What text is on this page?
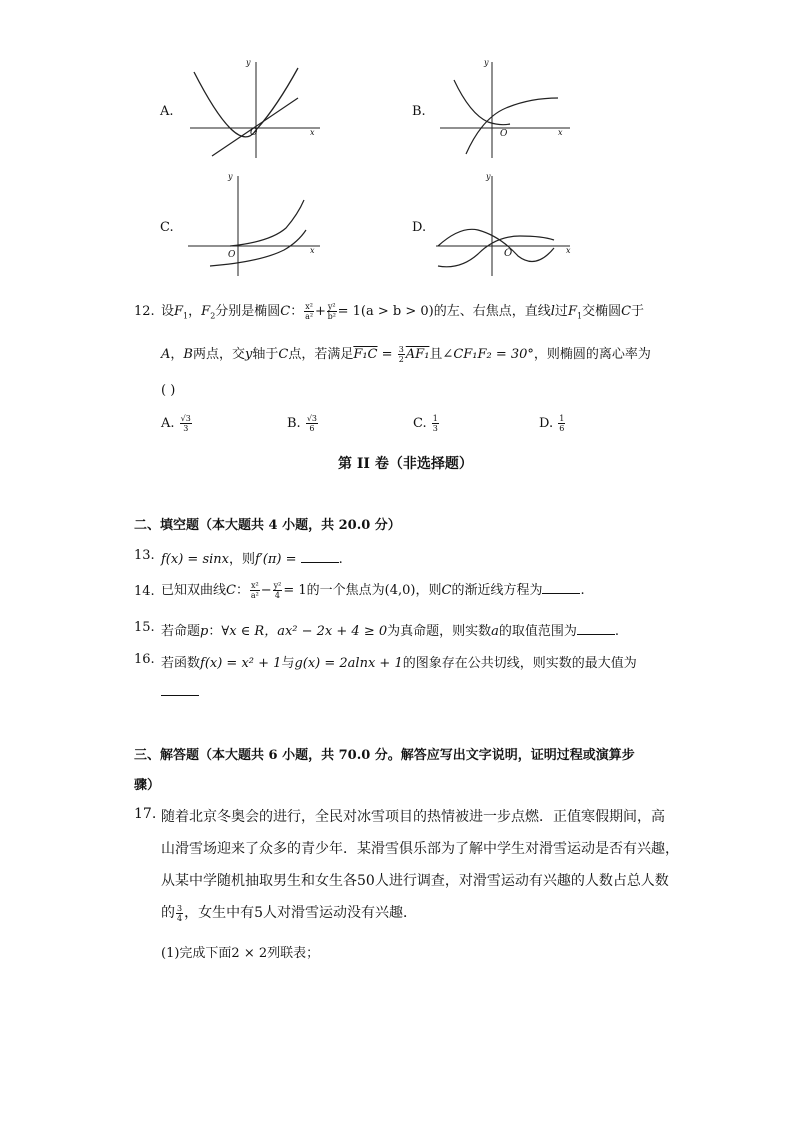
A.
O	x
y
B.
O	x
y
C.
O	x
y
D.
O	x
y
12. 设$F_1$，$F_2$分别是椭圆C： $\frac{\text{x²}}{\text{a²}} + \frac{\text{y²}}{\text{b²}} = 1(a > b > 0)$的左、右焦点，直线l过$F_1$交椭圆C于
A，B两点，交y轴于C点，若满足$F_1C = \frac{3}{2} AF_1$且∠CF₁F₂ = 30°，则椭圆的离心率为
( )
A. $\frac{√3}{3}$	B. $\frac{√3}{6}$	C. $\frac{1}{3}$	D. $\frac{1}{6}$
第 II 卷（非选择题）
二、填空题（本大题共 4 小题，共 20.0 分）
13. f(x) = sinx，则f′(π) =	.
14. 已知双曲线C： $\frac{\text{x²}}{\text{a²}} - \frac{\text{y²}}{4} = 1$的一个焦点为(4,0)，则C的渐近线方程为	.
15. 若命题p：∀x ∈ R，ax² − 2x + 4 ≥ 0为真命题，则实数a的取值范围为	.
16. 若函数f(x) = x² + 1与g(x) = 2alnx + 1的图象存在公共切线，则实数的最大值为
三、解答题（本大题共 6 小题，共 70.0 分。解答应写出文字说明，证明过程或演算步
骤）
17. 随着北京冬奥会的进行，全民对冰雪项目的热情被进一步点燃．正值寒假期间，高
山滑雪场迎来了众多的青少年．某滑雪俱乐部为了解中学生对滑雪运动是否有兴趣，
从某中学随机抽取男生和女生各50人进行调查，对滑雪运动有兴趣的人数占总人数
的 $\frac{3}{4}$ ，女生中有5人对滑雪运动没有兴趣．
(1)完成下面2 × 2列联表；
